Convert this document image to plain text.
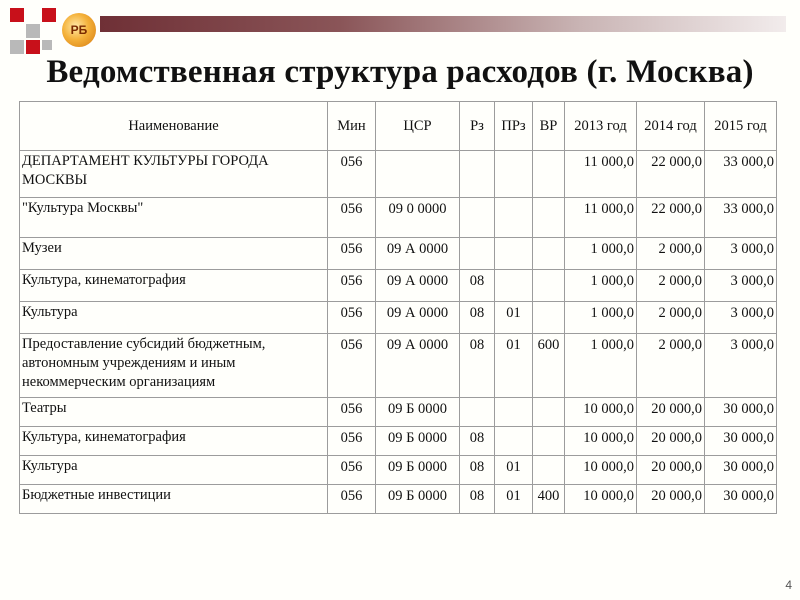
РБ
Ведомственная структура расходов (г. Москва)
Наименование	Мин	ЦСР	Рз	ПРз	ВР	2013 год	2014 год	2015 год
ДЕПАРТАМЕНТ КУЛЬТУРЫ ГОРОДА МОСКВЫ	056					11 000,0	22 000,0	33 000,0
"Культура Москвы"	056	09 0 0000				11 000,0	22 000,0	33 000,0
Музеи	056	09 А 0000				1 000,0	2 000,0	3 000,0
Культура, кинематография	056	09 А 0000	08			1 000,0	2 000,0	3 000,0
Культура	056	09 А 0000	08	01		1 000,0	2 000,0	3 000,0
Предоставление субсидий бюджетным, автономным учреждениям и иным некоммерческим организациям	056	09 А 0000	08	01	600	1 000,0	2 000,0	3 000,0
Театры	056	09 Б 0000				10 000,0	20 000,0	30 000,0
Культура, кинематография	056	09 Б 0000	08			10 000,0	20 000,0	30 000,0
Культура	056	09 Б 0000	08	01		10 000,0	20 000,0	30 000,0
Бюджетные инвестиции	056	09 Б 0000	08	01	400	10 000,0	20 000,0	30 000,0
4
